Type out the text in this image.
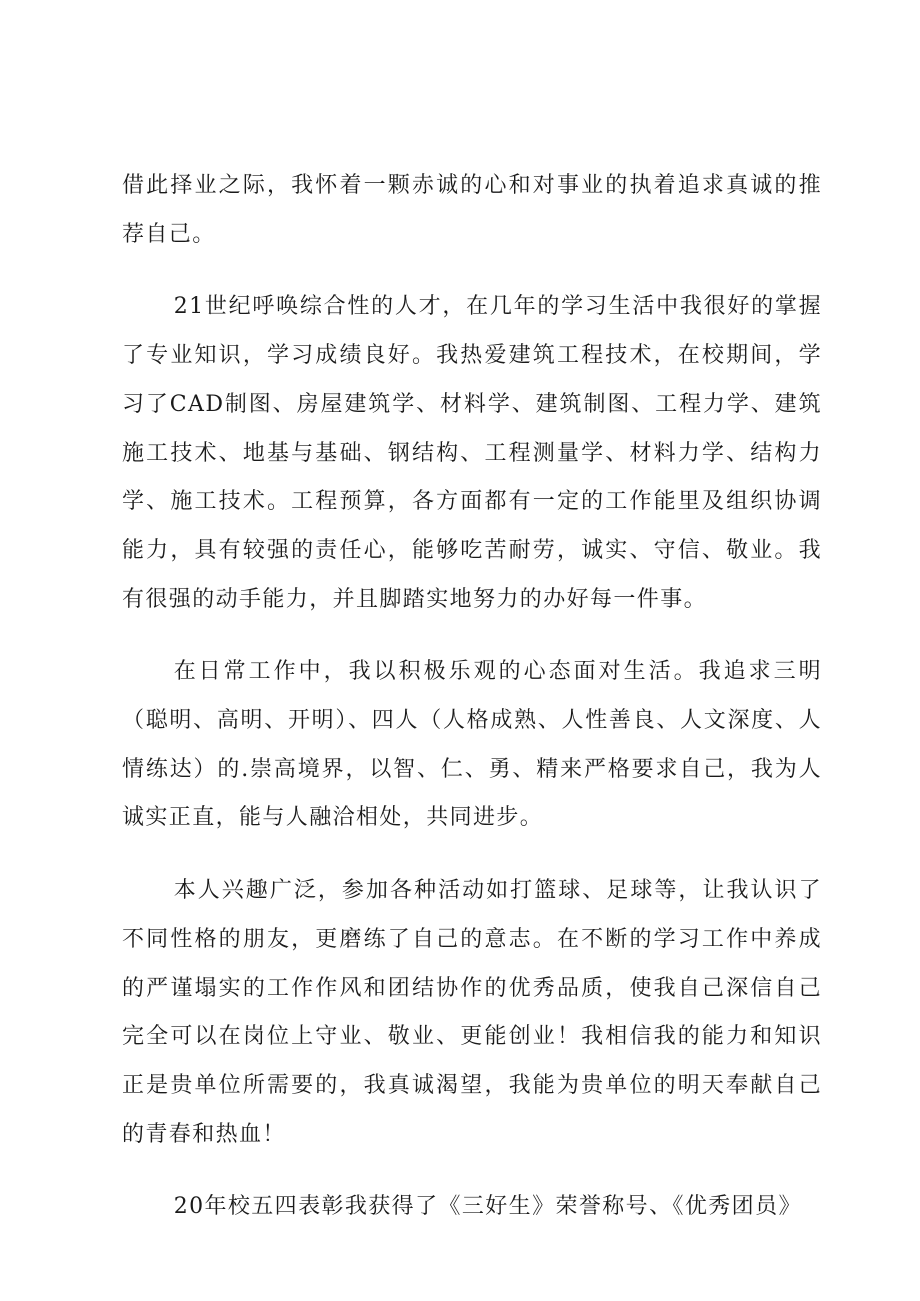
借此择业之际，我怀着一颗赤诚的心和对事业的执着追求真诚的推荐自己。

21世纪呼唤综合性的人才，在几年的学习生活中我很好的掌握了专业知识，学习成绩良好。我热爱建筑工程技术，在校期间，学习了CAD制图、房屋建筑学、材料学、建筑制图、工程力学、建筑施工技术、地基与基础、钢结构、工程测量学、材料力学、结构力学、施工技术。工程预算，各方面都有一定的工作能里及组织协调能力，具有较强的责任心，能够吃苦耐劳，诚实、守信、敬业。我有很强的动手能力，并且脚踏实地努力的办好每一件事。

在日常工作中，我以积极乐观的心态面对生活。我追求三明（聪明、高明、开明）、四人（人格成熟、人性善良、人文深度、人情练达）的.崇高境界，以智、仁、勇、精来严格要求自己，我为人诚实正直，能与人融洽相处，共同进步。

本人兴趣广泛，参加各种活动如打篮球、足球等，让我认识了不同性格的朋友，更磨练了自己的意志。在不断的学习工作中养成的严谨塌实的工作作风和团结协作的优秀品质，使我自己深信自己完全可以在岗位上守业、敬业、更能创业！我相信我的能力和知识正是贵单位所需要的，我真诚渴望，我能为贵单位的明天奉献自己的青春和热血！

20年校五四表彰我获得了《三好生》荣誉称号、《优秀团员》
